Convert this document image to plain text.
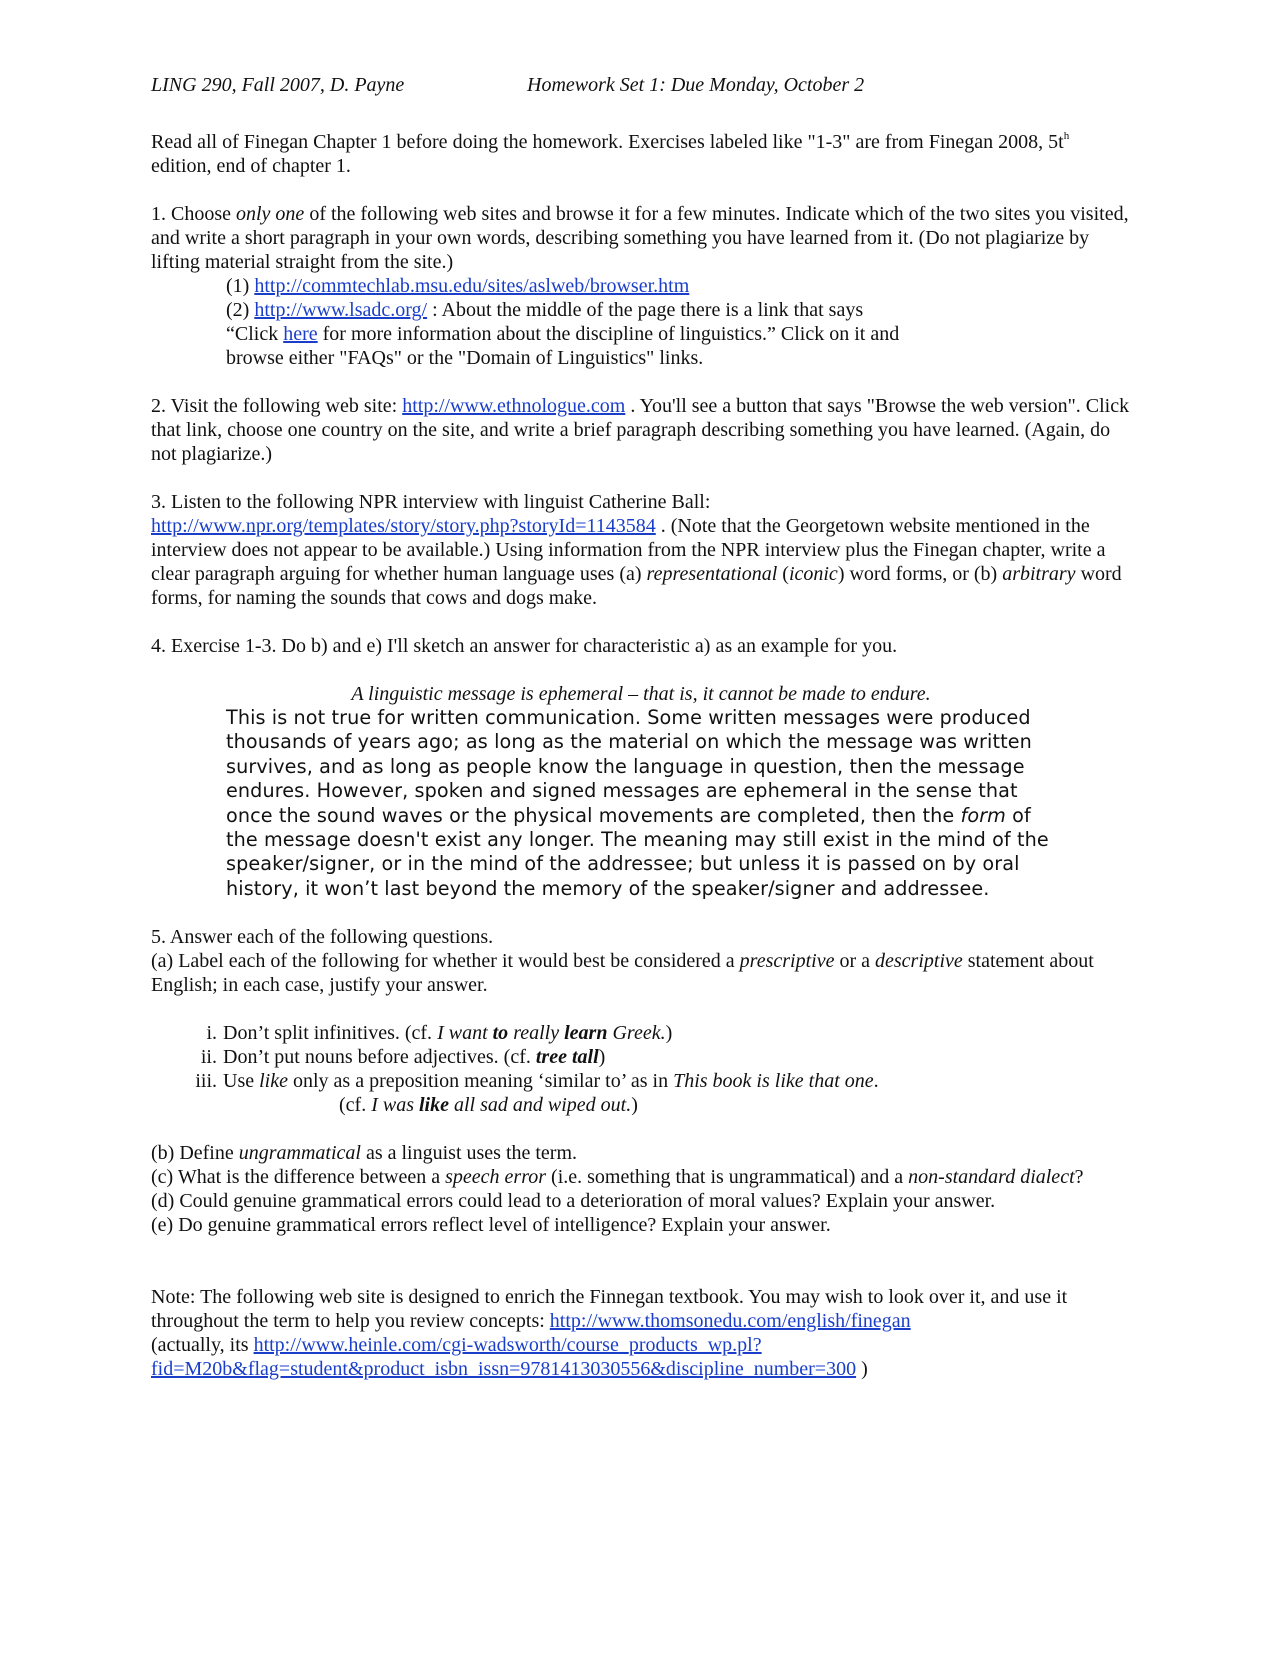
LING 290, Fall 2007, D. Payne	Homework Set 1: Due Monday, October 2

Read all of Finegan Chapter 1 before doing the homework. Exercises labeled like "1-3" are from Finegan 2008, $5t^h$
edition, end of chapter 1.

1. Choose only one of the following web sites and browse it for a few minutes. Indicate which of the two sites you visited, and write a short paragraph in your own words, describing something you have learned from it. (Do not plagiarize by lifting material straight from the site.)

(1) http://commtechlab.msu.edu/sites/aslweb/browser.htm

(2) http://www.lsadc.org/ : About the middle of the page there is a link that says
“Click here for more information about the discipline of linguistics.” Click on it and
browse either "FAQs" or the "Domain of Linguistics" links.

2. Visit the following web site: http://www.ethnologue.com . You'll see a button that says "Browse the web version". Click that link, choose one country on the site, and write a brief paragraph describing something you have learned. (Again, do not plagiarize.)

3. Listen to the following NPR interview with linguist Catherine Ball:
http://www.npr.org/templates/story/story.php?storyId=1143584 . (Note that the Georgetown website mentioned in the interview does not appear to be available.) Using information from the NPR interview plus the Finegan chapter, write a clear paragraph arguing for whether human language uses (a) representational (iconic) word forms, or (b) arbitrary word forms, for naming the sounds that cows and dogs make.

4. Exercise 1-3. Do b) and e) I'll sketch an answer for characteristic a) as an example for you.

A linguistic message is ephemeral – that is, it cannot be made to endure.

This is not true for written communication. Some written messages were produced thousands of years ago; as long as the material on which the message was written survives, and as long as people know the language in question, then the message endures. However, spoken and signed messages are ephemeral in the sense that once the sound waves or the physical movements are completed, then the form of the message doesn't exist any longer. The meaning may still exist in the mind of the speaker/signer, or in the mind of the addressee; but unless it is passed on by oral history, it won’t last beyond the memory of the speaker/signer and addressee.

5. Answer each of the following questions.

(a) Label each of the following for whether it would best be considered a prescriptive or a descriptive statement about English; in each case, justify your answer.

i. Don’t split infinitives. (cf. I want to really learn Greek.)

ii. Don’t put nouns before adjectives. (cf. tree tall)

iii. Use like only as a preposition meaning ‘similar to’ as in This book is like that one.

(cf. I was like all sad and wiped out.)

(b) Define ungrammatical as a linguist uses the term.

(c) What is the difference between a speech error (i.e. something that is ungrammatical) and a non-standard dialect?

(d) Could genuine grammatical errors could lead to a deterioration of moral values? Explain your answer.

(e) Do genuine grammatical errors reflect level of intelligence? Explain your answer.

Note: The following web site is designed to enrich the Finnegan textbook. You may wish to look over it, and use it throughout the term to help you review concepts: http://www.thomsonedu.com/english/finegan
(actually, its http://www.heinle.com/cgi-wadsworth/course_products_wp.pl?
fid=M20b&flag=student&product_isbn_issn=9781413030556&discipline_number=300 )
